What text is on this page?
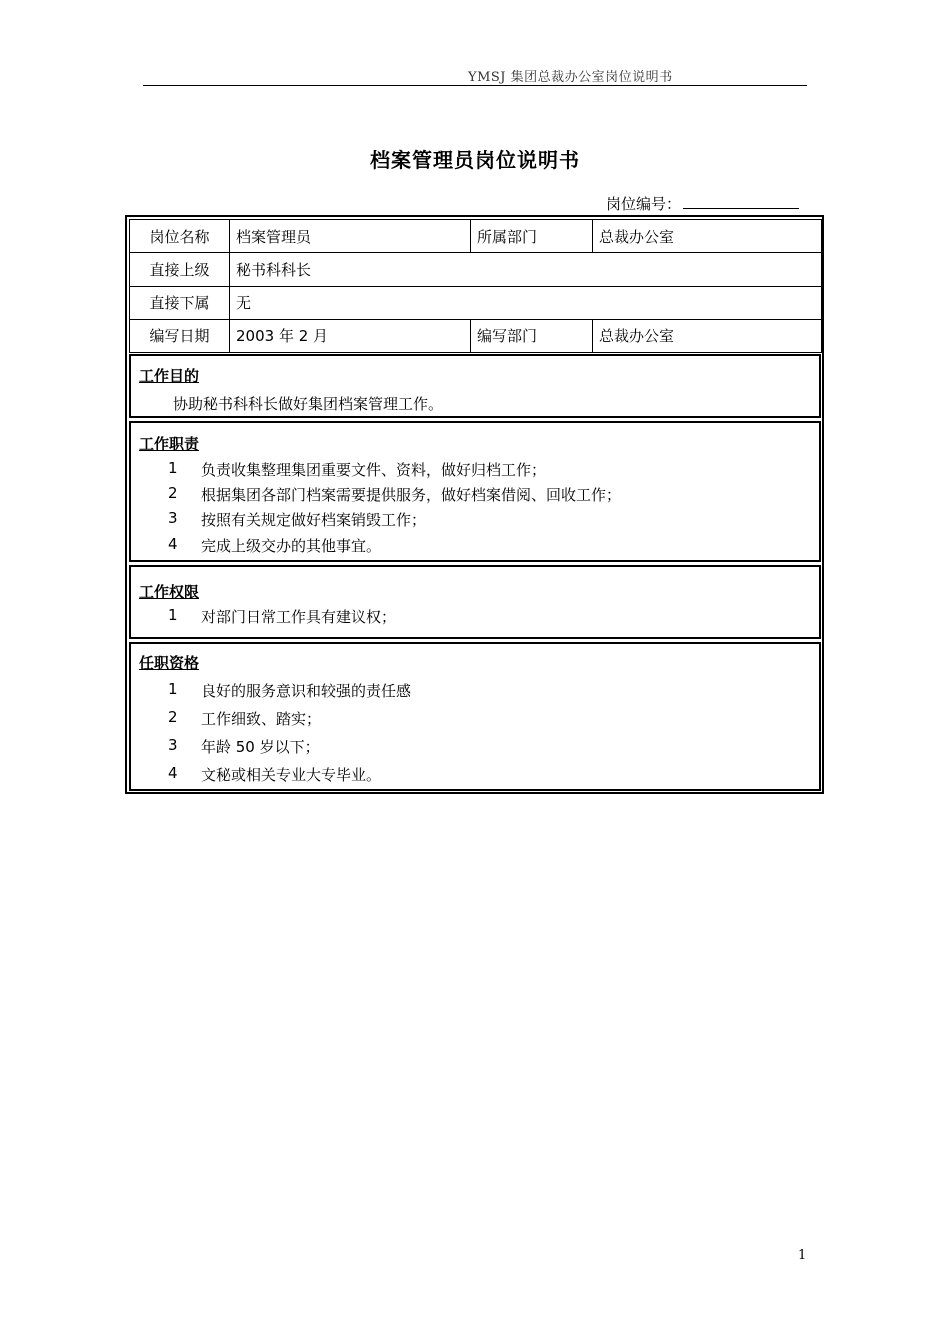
YMSJ 集团总裁办公室岗位说明书
档案管理员岗位说明书
岗位编号：
岗位名称	档案管理员	所属部门	总裁办公室
直接上级	秘书科科长		
直接下属	无		
编写日期	2003 年 2 月	编写部门	总裁办公室
工作目的
协助秘书科科长做好集团档案管理工作。
工作职责
1 负责收集整理集团重要文件、资料，做好归档工作；
2 根据集团各部门档案需要提供服务，做好档案借阅、回收工作；
3 按照有关规定做好档案销毁工作；
4 完成上级交办的其他事宜。
工作权限
1 对部门日常工作具有建议权；
任职资格
1 良好的服务意识和较强的责任感
2 工作细致、踏实；
3 年龄 50 岁以下；
4 文秘或相关专业大专毕业。
1
